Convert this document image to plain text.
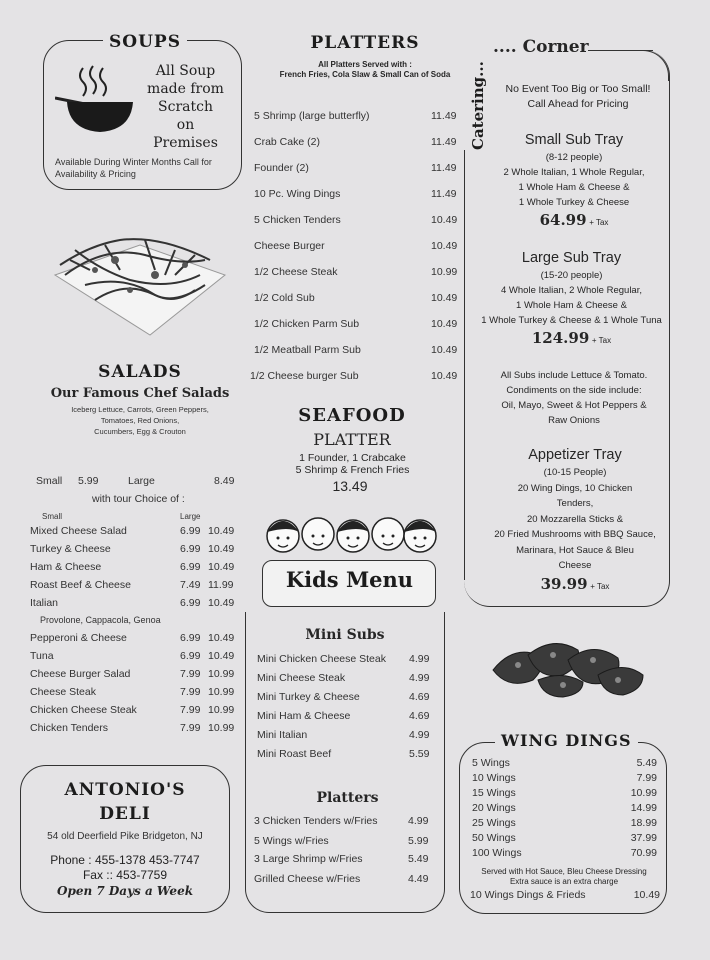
SOUPS
All Soup
made from
Scratch
on
Premises
Available During Winter Months Call for Availability & Pricing
SALADS
Our Famous Chef Salads
Iceberg Lettuce, Carrots, Green Peppers,
Tomatoes, Red Onions,
Cucumbers, Egg & Crouton
Small 5.99	Large	8.49
with tour Choice of :
Small	Large
Mixed Cheese Salad	6.99 10.49
Turkey & Cheese	6.99 10.49
Ham & Cheese	6.99 10.49
Roast Beef & Cheese	7.49 11.99
Italian	6.99 10.49
Provolone, Cappacola, Genoa
Pepperoni & Cheese	6.99 10.49
Tuna	6.99 10.49
Cheese Burger Salad	7.99 10.99
Cheese Steak	7.99 10.99
Chicken Cheese Steak	7.99 10.99
Chicken Tenders	7.99 10.99
ANTONIO'S
DELI
54 old Deerfield Pike Bridgeton, NJ
Phone : 455-1378 453-7747
Fax :: 453-7759
Open 7 Days a Week
PLATTERS
All Platters Served with :
French Fries, Cola Slaw & Small Can of Soda
5 Shrimp (large butterfly)	11.49
Crab Cake (2)	11.49
Founder (2)	11.49
10 Pc. Wing Dings	11.49
5 Chicken Tenders	10.49
Cheese Burger	10.49
1/2 Cheese Steak	10.99
1/2 Cold Sub	10.49
1/2 Chicken Parm Sub	10.49
1/2 Meatball Parm Sub	10.49
1/2 Cheese burger Sub	10.49
SEAFOOD
PLATTER
1 Founder, 1 Crabcake
5 Shrimp & French Fries
13.49
Kids Menu
Mini Subs
Mini Chicken Cheese Steak 4.99
Mini Cheese Steak	4.99
Mini Turkey & Cheese	4.69
Mini Ham & Cheese	4.69
Mini Italian	4.99
Mini Roast Beef	5.59
Platters
3 Chicken Tenders w/Fries	4.99
5 Wings w/Fries	5.99
3 Large Shrimp w/Fries	5.49
Grilled Cheese w/Fries	4.49
Catering...
.... Corner
No Event Too Big or Too Small!
Call Ahead for Pricing
Small Sub Tray
(8-12 people)
2 Whole Italian, 1 Whole Regular,
1 Whole Ham & Cheese &
1 Whole Turkey & Cheese
64.99 + Tax
Large Sub Tray
(15-20 people)
4 Whole Italian, 2 Whole Regular,
1 Whole Ham & Cheese &
1 Whole Turkey & Cheese & 1 Whole Tuna
124.99 + Tax
All Subs include Lettuce & Tomato.
Condiments on the side include:
Oil, Mayo, Sweet & Hot Peppers &
Raw Onions
Appetizer Tray
(10-15 People)
20 Wing Dings, 10 Chicken
Tenders,
20 Mozzarella Sticks &
20 Fried Mushrooms with BBQ Sauce,
Marinara, Hot Sauce & Bleu
Cheese
39.99 + Tax
WING DINGS
5 Wings	5.49
10 Wings	7.99
15 Wings	10.99
20 Wings	14.99
25 Wings	18.99
50 Wings	37.99
100 Wings	70.99
Served with Hot Sauce, Bleu Cheese Dressing
Extra sauce is an extra charge
10 Wings Dings & Frieds	10.49
